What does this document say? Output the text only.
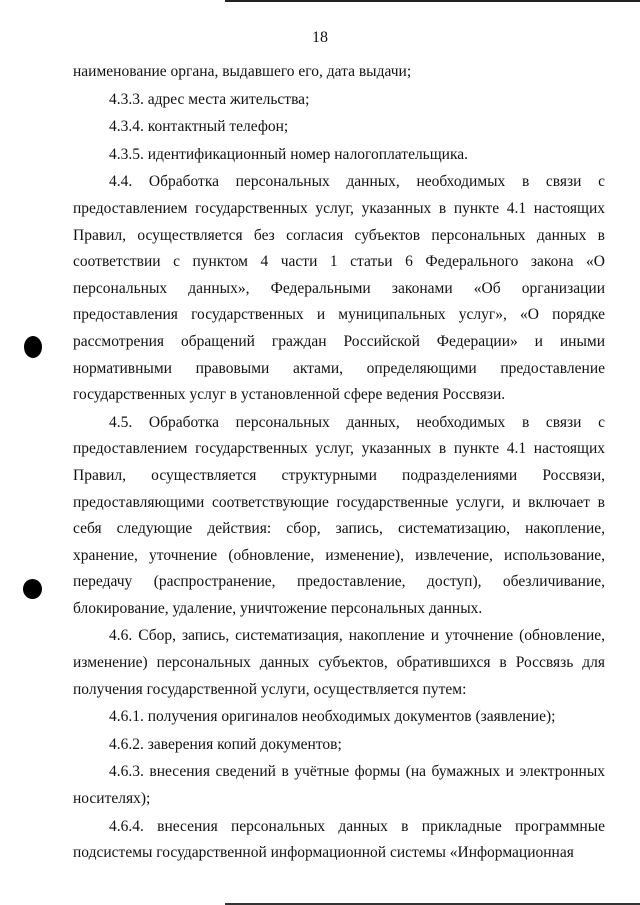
18

наименование органа, выдавшего его, дата выдачи;

4.3.3. адрес места жительства;

4.3.4. контактный телефон;

4.3.5. идентификационный номер налогоплательщика.

4.4. Обработка персональных данных, необходимых в связи с предоставлением государственных услуг, указанных в пункте 4.1 настоящих Правил, осуществляется без согласия субъектов персональных данных в соответствии с пунктом 4 части 1 статьи 6 Федерального закона «О персональных данных», Федеральными законами «Об организации предоставления государственных и муниципальных услуг», «О порядке рассмотрения обращений граждан Российской Федерации» и иными нормативными правовыми актами, определяющими предоставление государственных услуг в установленной сфере ведения Россвязи.

4.5. Обработка персональных данных, необходимых в связи с предоставлением государственных услуг, указанных в пункте 4.1 настоящих Правил, осуществляется структурными подразделениями Россвязи, предоставляющими соответствующие государственные услуги, и включает в себя следующие действия: сбор, запись, систематизацию, накопление, хранение, уточнение (обновление, изменение), извлечение, использование, передачу (распространение, предоставление, доступ), обезличивание, блокирование, удаление, уничтожение персональных данных.

4.6. Сбор, запись, систематизация, накопление и уточнение (обновление, изменение) персональных данных субъектов, обратившихся в Россвязь для получения государственной услуги, осуществляется путем:

4.6.1. получения оригиналов необходимых документов (заявление);

4.6.2. заверения копий документов;

4.6.3. внесения сведений в учётные формы (на бумажных и электронных носителях);

4.6.4. внесения персональных данных в прикладные программные подсистемы государственной информационной системы «Информационная
